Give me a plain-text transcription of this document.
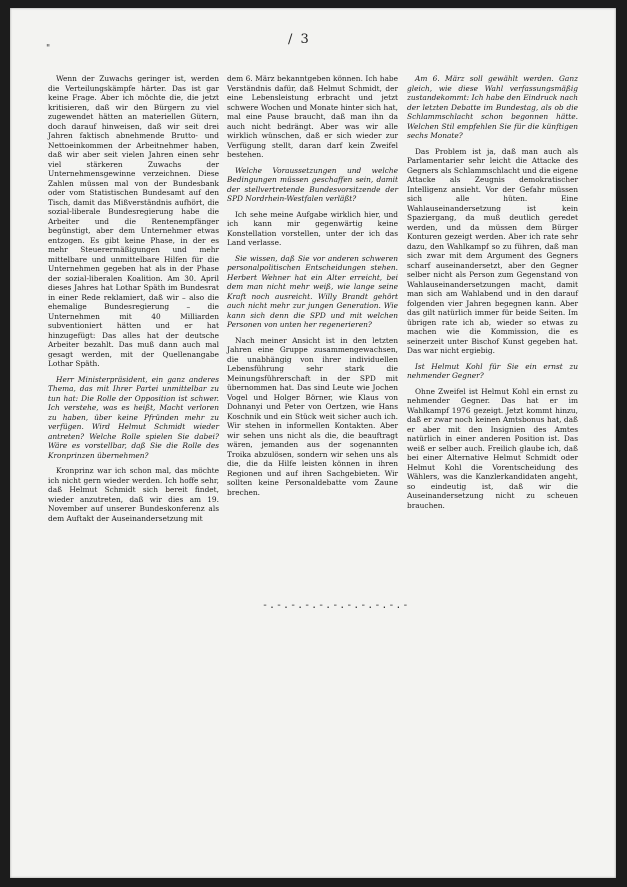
"
/ 3

Wenn der Zuwachs geringer ist, werden die Verteilungskämpfe härter. Das ist gar keine Frage. Aber ich möchte die, die jetzt kritisieren, daß wir den Bürgern zu viel zugewendet hätten an materiellen Gütern, doch darauf hinweisen, daß wir seit drei Jahren faktisch abnehmende Brutto- und Nettoeinkommen der Arbeitnehmer haben, daß wir aber seit vielen Jahren einen sehr viel stärkeren Zuwachs der Unternehmensgewinne verzeichnen. Diese Zahlen müssen mal von der Bundesbank oder vom Statistischen Bundesamt auf den Tisch, damit das Mißverständnis aufhört, die sozial-liberale Bundesregierung habe die Arbeiter und die Rentenempfänger begünstigt, aber dem Unternehmer etwas entzogen. Es gibt keine Phase, in der es mehr Steuerermäßigungen und mehr mittelbare und unmittelbare Hilfen für die Unternehmen gegeben hat als in der Phase der sozial-liberalen Koalition. Am 30. April dieses Jahres hat Lothar Späth im Bundesrat in einer Rede reklamiert, daß wir – also die ehemalige Bundesregierung – die Unternehmen mit 40 Milliarden subventioniert hätten und er hat hinzugefügt: Das alles hat der deutsche Arbeiter bezahlt. Das muß dann auch mal gesagt werden, mit der Quellenangabe Lothar Späth.

Herr Ministerpräsident, ein ganz anderes Thema, das mit Ihrer Partei unmittelbar zu tun hat: Die Rolle der Opposition ist schwer. Ich verstehe, was es heißt, Macht verloren zu haben, über keine Pfründen mehr zu verfügen. Wird Helmut Schmidt wieder antreten? Welche Rolle spielen Sie dabei? Wäre es vorstellbar, daß Sie die Rolle des Kronprinzen übernehmen?

Kronprinz war ich schon mal, das möchte ich nicht gern wieder werden. Ich hoffe sehr, daß Helmut Schmidt sich bereit findet, wieder anzutreten, daß wir dies am 19. November auf unserer Bundeskonferenz als dem Auftakt der Auseinandersetzung mit

dem 6. März bekanntgeben können. Ich habe Verständnis dafür, daß Helmut Schmidt, der eine Lebensleistung erbracht und jetzt schwere Wochen und Monate hinter sich hat, mal eine Pause braucht, daß man ihn da auch nicht bedrängt. Aber was wir alle wirklich wünschen, daß er sich wieder zur Verfügung stellt, daran darf kein Zweifel bestehen.

Welche Voraussetzungen und welche Bedingungen müssen geschaffen sein, damit der stellvertretende Bundesvorsitzende der SPD Nordrhein-Westfalen verläßt?

Ich sehe meine Aufgabe wirklich hier, und ich kann mir gegenwärtig keine Konstellation vorstellen, unter der ich das Land verlasse.

Sie wissen, daß Sie vor anderen schweren personalpolitischen Entscheidungen stehen. Herbert Wehner hat ein Alter erreicht, bei dem man nicht mehr weiß, wie lange seine Kraft noch ausreicht. Willy Brandt gehört auch nicht mehr zur jungen Generation. Wie kann sich denn die SPD und mit welchen Personen von unten her regenerieren?

Nach meiner Ansicht ist in den letzten Jahren eine Gruppe zusammengewachsen, die unabhängig von ihrer individuellen Lebensführung sehr stark die Meinungsführerschaft in der SPD mit übernommen hat. Das sind Leute wie Jochen Vogel und Holger Börner, wie Klaus von Dohnanyi und Peter von Oertzen, wie Hans Koschnik und ein Stück weit sicher auch ich. Wir stehen in informellen Kontakten. Aber wir sehen uns nicht als die, die beauftragt wären, jemanden aus der sogenannten Troika abzulösen, sondern wir sehen uns als die, die da Hilfe leisten können in ihren Regionen und auf ihren Sachgebieten. Wir sollten keine Personaldebatte vom Zaune brechen.

Am 6. März soll gewählt werden. Ganz gleich, wie diese Wahl verfassungsmäßig zustandekommt: Ich habe den Eindruck nach der letzten Debatte im Bundestag, als ob die Schlammschlacht schon begonnen hätte. Welchen Stil empfehlen Sie für die künftigen sechs Monate?

Das Problem ist ja, daß man auch als Parlamentarier sehr leicht die Attacke des Gegners als Schlammschlacht und die eigene Attacke als Zeugnis demokratischer Intelligenz ansieht. Vor der Gefahr müssen sich alle hüten. Eine Wahlauseinandersetzung ist kein Spaziergang, da muß deutlich geredet werden, und da müssen dem Bürger Konturen gezeigt werden. Aber ich rate sehr dazu, den Wahlkampf so zu führen, daß man sich zwar mit dem Argument des Gegners scharf auseinandersetzt, aber den Gegner selber nicht als Person zum Gegenstand von Wahlauseinandersetzungen macht, damit man sich am Wahlabend und in den darauf folgenden vier Jahren begegnen kann. Aber das gilt natürlich immer für beide Seiten. Im übrigen rate ich ab, wieder so etwas zu machen wie die Kommission, die es seinerzeit unter Bischof Kunst gegeben hat. Das war nicht ergiebig.

Ist Helmut Kohl für Sie ein ernst zu nehmender Gegner?

Ohne Zweifel ist Helmut Kohl ein ernst zu nehmender Gegner. Das hat er im Wahlkampf 1976 gezeigt. Jetzt kommt hinzu, daß er zwar noch keinen Amtsbonus hat, daß er aber mit den Insignien des Amtes natürlich in einer anderen Position ist. Das weiß er selber auch. Freilich glaube ich, daß bei einer Alternative Helmut Schmidt oder Helmut Kohl die Vorentscheidung des Wählers, was die Kanzlerkandidaten angeht, so eindeutig ist, daß wir die Auseinandersetzung nicht zu scheuen brauchen.

-.-.-.-.-.-.-.-.-.-.-
